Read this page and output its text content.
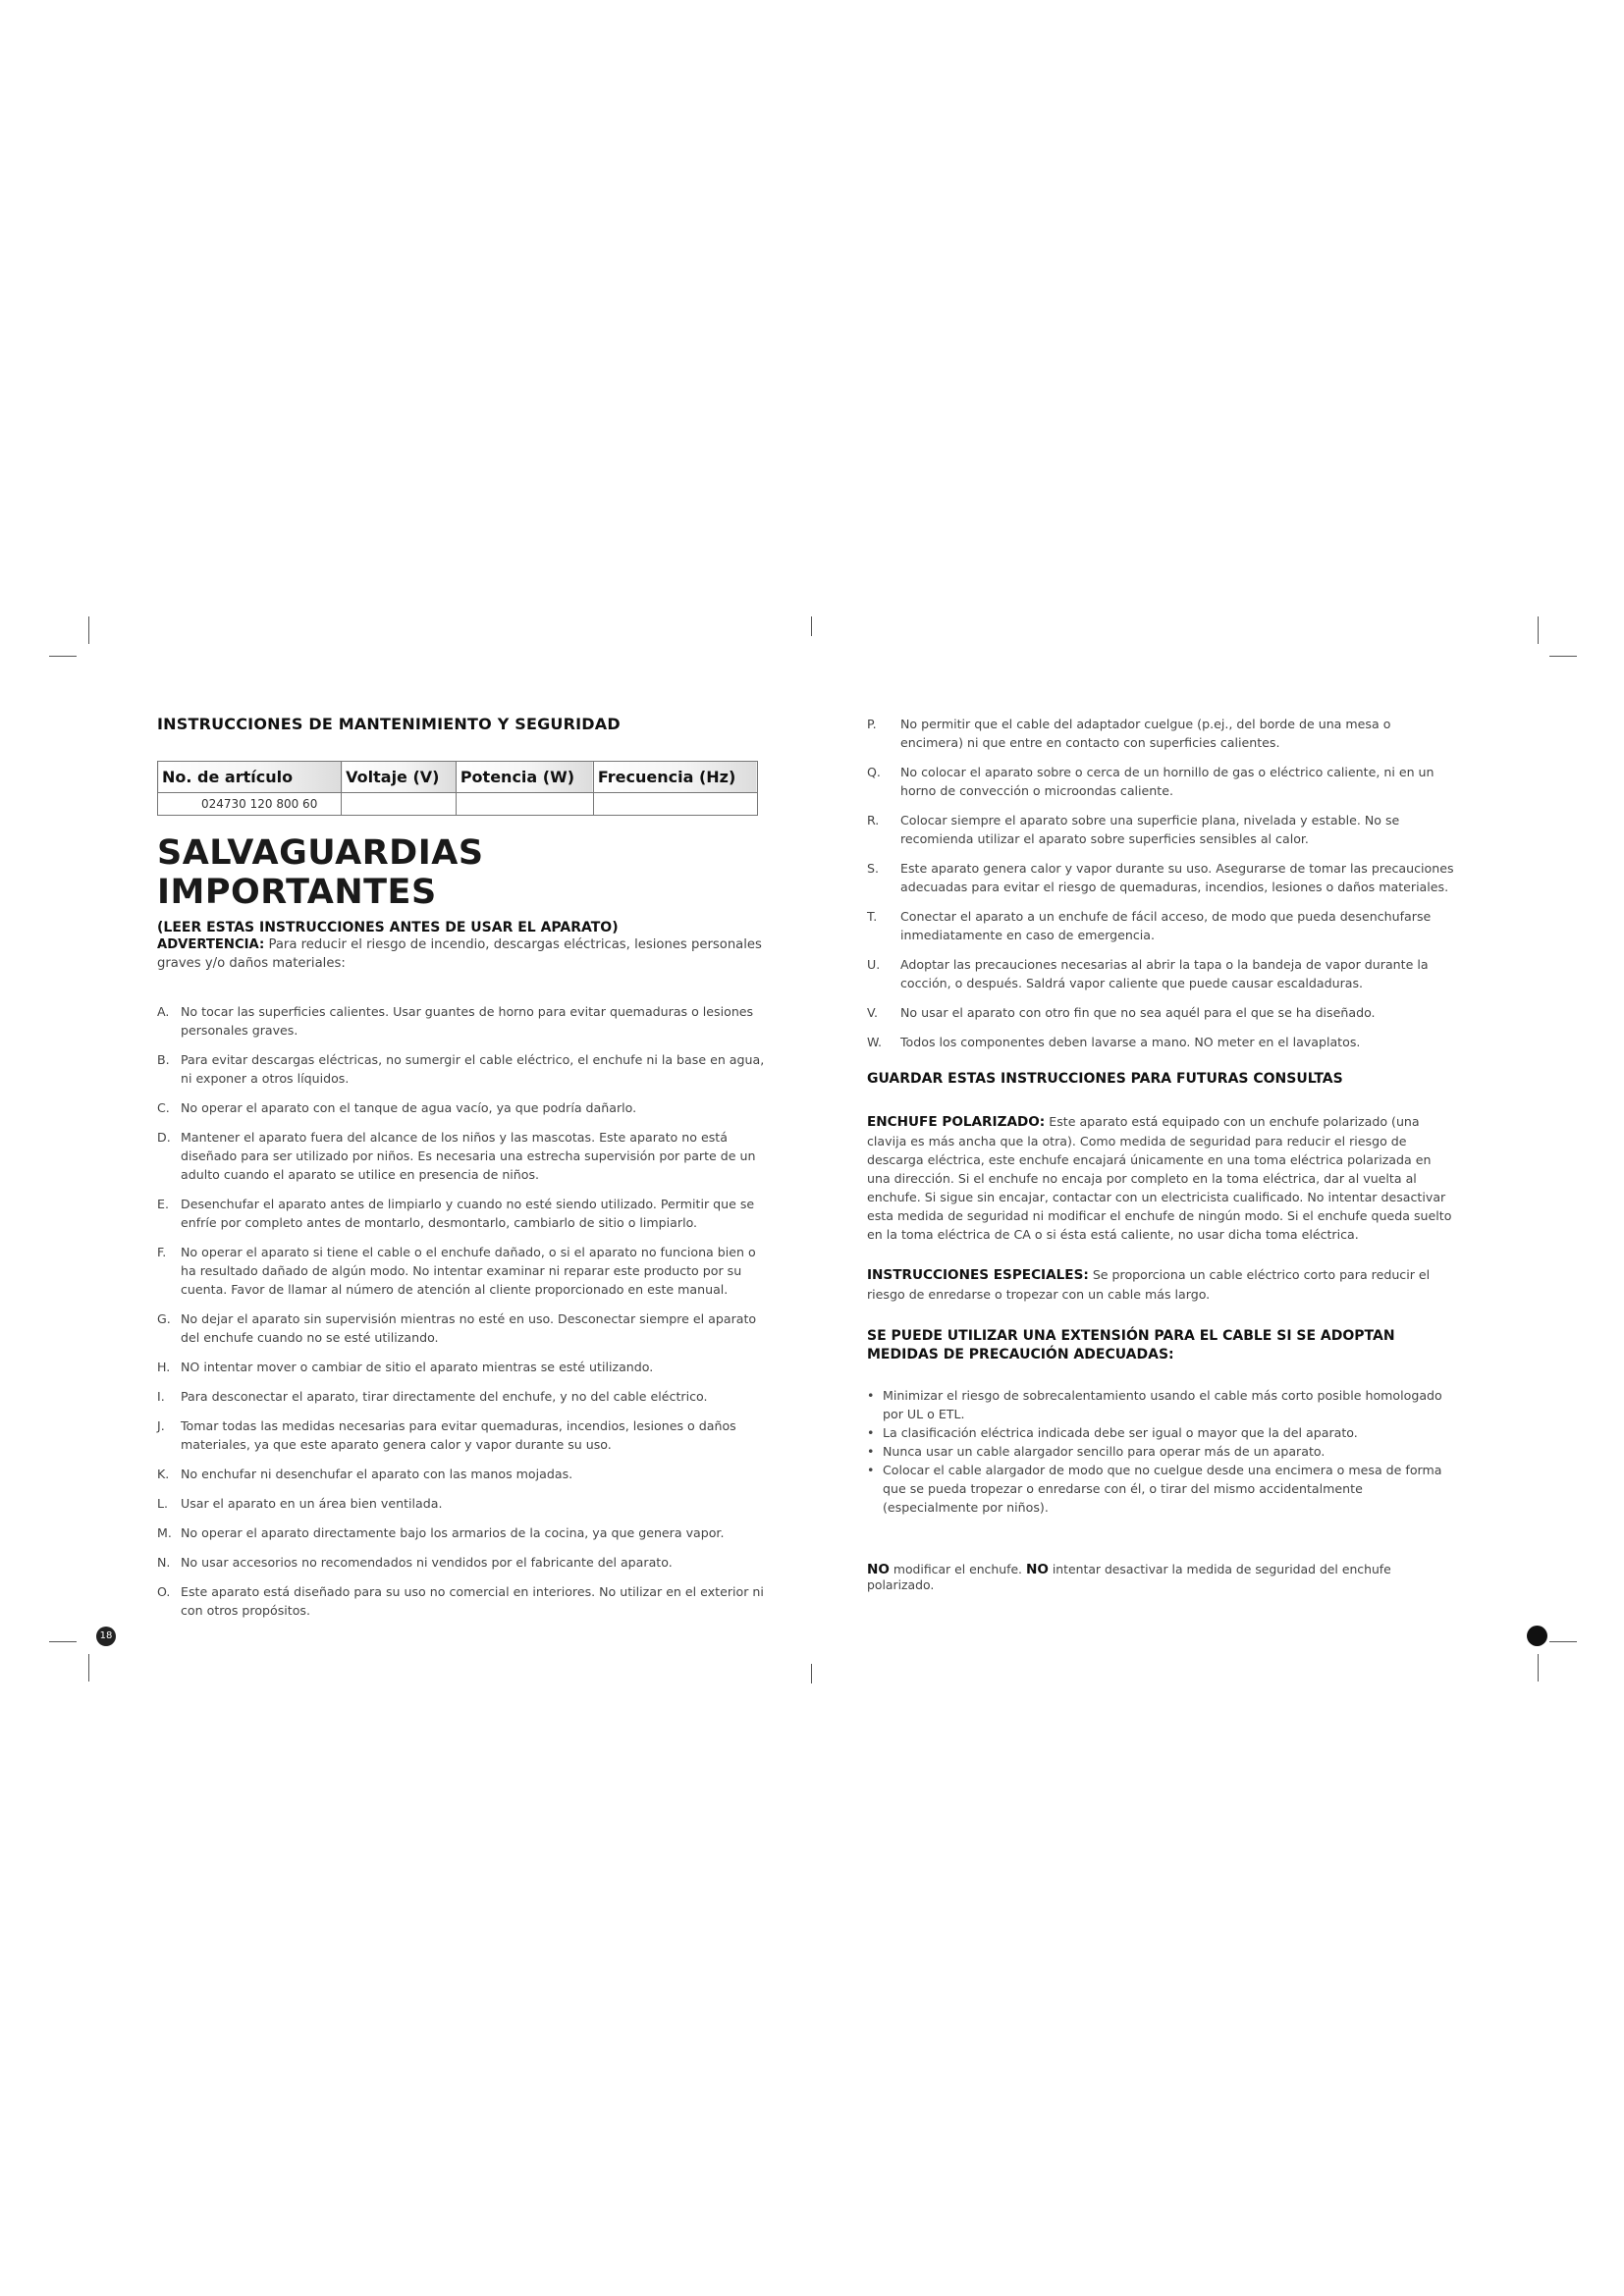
INSTRUCCIONES DE MANTENIMIENTO Y SEGURIDAD
No. de artículo	Voltaje (V)	Potencia (W)	Frecuencia (Hz)
024730 120 800 60			
SALVAGUARDIAS IMPORTANTES
(LEER ESTAS INSTRUCCIONES ANTES DE USAR EL APARATO)
ADVERTENCIA: Para reducir el riesgo de incendio, descargas eléctricas, lesiones personales graves y/o daños materiales:
A. No tocar las superficies calientes. Usar guantes de horno para evitar quemaduras o lesiones personales graves.
B. Para evitar descargas eléctricas, no sumergir el cable eléctrico, el enchufe ni la base en agua, ni exponer a otros líquidos.
C. No operar el aparato con el tanque de agua vacío, ya que podría dañarlo.
D. Mantener el aparato fuera del alcance de los niños y las mascotas. Este aparato no está diseñado para ser utilizado por niños. Es necesaria una estrecha supervisión por parte de un adulto cuando el aparato se utilice en presencia de niños.
E. Desenchufar el aparato antes de limpiarlo y cuando no esté siendo utilizado. Permitir que se enfríe por completo antes de montarlo, desmontarlo, cambiarlo de sitio o limpiarlo.
F.	No operar el aparato si tiene el cable o el enchufe dañado, o si el aparato no funciona bien o ha resultado dañado de algún modo. No intentar examinar ni reparar este producto por su cuenta. Favor de llamar al número de atención al cliente proporcionado en este manual.
G. No dejar el aparato sin supervisión mientras no esté en uso. Desconectar siempre el aparato del enchufe cuando no se esté utilizando.
H. NO intentar mover o cambiar de sitio el aparato mientras se esté utilizando.
I.	Para desconectar el aparato, tirar directamente del enchufe, y no del cable eléctrico.
J.	Tomar todas las medidas necesarias para evitar quemaduras, incendios, lesiones o daños materiales, ya que este aparato genera calor y vapor durante su uso.
K. No enchufar ni desenchufar el aparato con las manos mojadas.
L.	Usar el aparato en un área bien ventilada.
M. No operar el aparato directamente bajo los armarios de la cocina, ya que genera vapor.
N. No usar accesorios no recomendados ni vendidos por el fabricante del aparato.
O. Este aparato está diseñado para su uso no comercial en interiores. No utilizar en el exterior ni con otros propósitos.
P.	No permitir que el cable del adaptador cuelgue (p.ej., del borde de una mesa o encimera) ni que entre en contacto con superficies calientes.
Q.	No colocar el aparato sobre o cerca de un hornillo de gas o eléctrico caliente, ni en un horno de convección o microondas caliente.
R.	Colocar siempre el aparato sobre una superficie plana, nivelada y estable. No se recomienda utilizar el aparato sobre superficies sensibles al calor.
S.	Este aparato genera calor y vapor durante su uso. Asegurarse de tomar las precauciones adecuadas para evitar el riesgo de quemaduras, incendios, lesiones o daños materiales.
T.	Conectar el aparato a un enchufe de fácil acceso, de modo que pueda desenchufarse inmediatamente en caso de emergencia.
U.	Adoptar las precauciones necesarias al abrir la tapa o la bandeja de vapor durante la cocción, o después. Saldrá vapor caliente que puede causar escaldaduras.
V.	No usar el aparato con otro fin que no sea aquél para el que se ha diseñado.
W.	Todos los componentes deben lavarse a mano. NO meter en el lavaplatos.
GUARDAR ESTAS INSTRUCCIONES PARA FUTURAS CONSULTAS
ENCHUFE POLARIZADO: Este aparato está equipado con un enchufe polarizado (una clavija es más ancha que la otra). Como medida de seguridad para reducir el riesgo de descarga eléctrica, este enchufe encajará únicamente en una toma eléctrica polarizada en una dirección. Si el enchufe no encaja por completo en la toma eléctrica, dar al vuelta al enchufe. Si sigue sin encajar, contactar con un electricista cualificado. No intentar desactivar esta medida de seguridad ni modificar el enchufe de ningún modo. Si el enchufe queda suelto en la toma eléctrica de CA o si ésta está caliente, no usar dicha toma eléctrica.
INSTRUCCIONES ESPECIALES: Se proporciona un cable eléctrico corto para reducir el riesgo de enredarse o tropezar con un cable más largo.
SE PUEDE UTILIZAR UNA EXTENSIÓN PARA EL CABLE SI SE ADOPTAN MEDIDAS DE PRECAUCIÓN ADECUADAS:
• Minimizar el riesgo de sobrecalentamiento usando el cable más corto posible homologado por UL o ETL.
• La clasificación eléctrica indicada debe ser igual o mayor que la del aparato.
• Nunca usar un cable alargador sencillo para operar más de un aparato.
• Colocar el cable alargador de modo que no cuelgue desde una encimera o mesa de forma que se pueda tropezar o enredarse con él, o tirar del mismo accidentalmente (especialmente por niños).
NO modificar el enchufe. NO intentar desactivar la medida de seguridad del enchufe polarizado.
18
